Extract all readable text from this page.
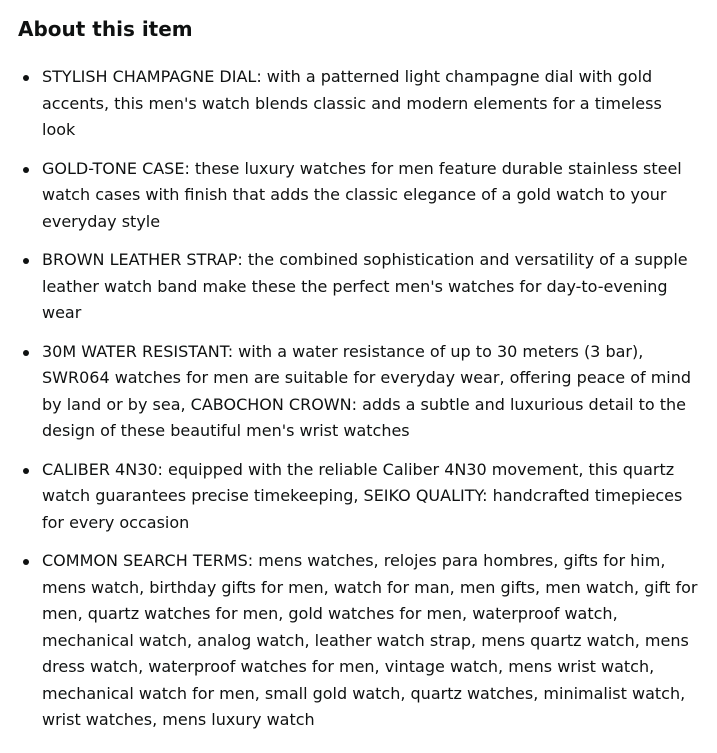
About this item
STYLISH CHAMPAGNE DIAL: with a patterned light champagne dial with gold accents, this men's watch blends classic and modern elements for a timeless look
GOLD-TONE CASE: these luxury watches for men feature durable stainless steel watch cases with finish that adds the classic elegance of a gold watch to your everyday style
BROWN LEATHER STRAP: the combined sophistication and versatility of a supple leather watch band make these the perfect men's watches for day-to-evening wear
30M WATER RESISTANT: with a water resistance of up to 30 meters (3 bar), SWR064 watches for men are suitable for everyday wear, offering peace of mind by land or by sea, CABOCHON CROWN: adds a subtle and luxurious detail to the design of these beautiful men's wrist watches
CALIBER 4N30: equipped with the reliable Caliber 4N30 movement, this quartz watch guarantees precise timekeeping, SEIKO QUALITY: handcrafted timepieces for every occasion
COMMON SEARCH TERMS: mens watches, relojes para hombres, gifts for him, mens watch, birthday gifts for men, watch for man, men gifts, men watch, gift for men, quartz watches for men, gold watches for men, waterproof watch, mechanical watch, analog watch, leather watch strap, mens quartz watch, mens dress watch, waterproof watches for men, vintage watch, mens wrist watch, mechanical watch for men, small gold watch, quartz watches, minimalist watch, wrist watches, mens luxury watch
